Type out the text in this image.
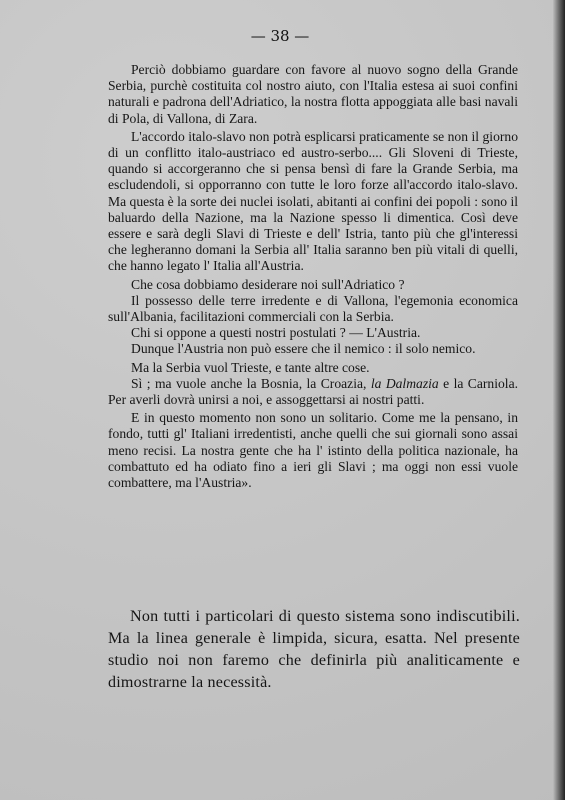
— 38 —

Perciò dobbiamo guardare con favore al nuovo sogno della Grande Serbia, purchè costituita col nostro aiuto, con l'Italia estesa ai suoi confini naturali e padrona dell'Adriatico, la nostra flotta appoggiata alle basi navali di Pola, di Vallona, di Zara.

L'accordo italo-slavo non potrà esplicarsi praticamente se non il giorno di un conflitto italo-austriaco ed austro-serbo.... Gli Sloveni di Trieste, quando si accorgeranno che si pensa bensì di fare la Grande Serbia, ma escludendoli, si opporranno con tutte le loro forze all'accordo italo-slavo. Ma questa è la sorte dei nuclei isolati, abitanti ai confini dei popoli : sono il baluardo della Nazione, ma la Nazione spesso li dimentica. Così deve essere e sarà degli Slavi di Trieste e dell' Istria, tanto più che gl'interessi che legheranno domani la Serbia all' Italia saranno ben più vitali di quelli, che hanno legato l' Italia all'Austria.

Che cosa dobbiamo desiderare noi sull'Adriatico ?

Il possesso delle terre irredente e di Vallona, l'egemonia economica sull'Albania, facilitazioni commerciali con la Serbia.

Chi si oppone a questi nostri postulati ? — L'Austria.

Dunque l'Austria non può essere che il nemico : il solo nemico.

Ma la Serbia vuol Trieste, e tante altre cose.

Sì ; ma vuole anche la Bosnia, la Croazia, la Dalmazia e la Carniola. Per averli dovrà unirsi a noi, e assoggettarsi ai nostri patti.

E in questo momento non sono un solitario. Come me la pensano, in fondo, tutti gl' Italiani irredentisti, anche quelli che sui giornali sono assai meno recisi. La nostra gente che ha l' istinto della politica nazionale, ha combattuto ed ha odiato fino a ieri gli Slavi ; ma oggi non essi vuole combattere, ma l'Austria».

Non tutti i particolari di questo sistema sono indiscutibili. Ma la linea generale è limpida, sicura, esatta. Nel presente studio noi non faremo che definirla più analiticamente e dimostrarne la necessità.
